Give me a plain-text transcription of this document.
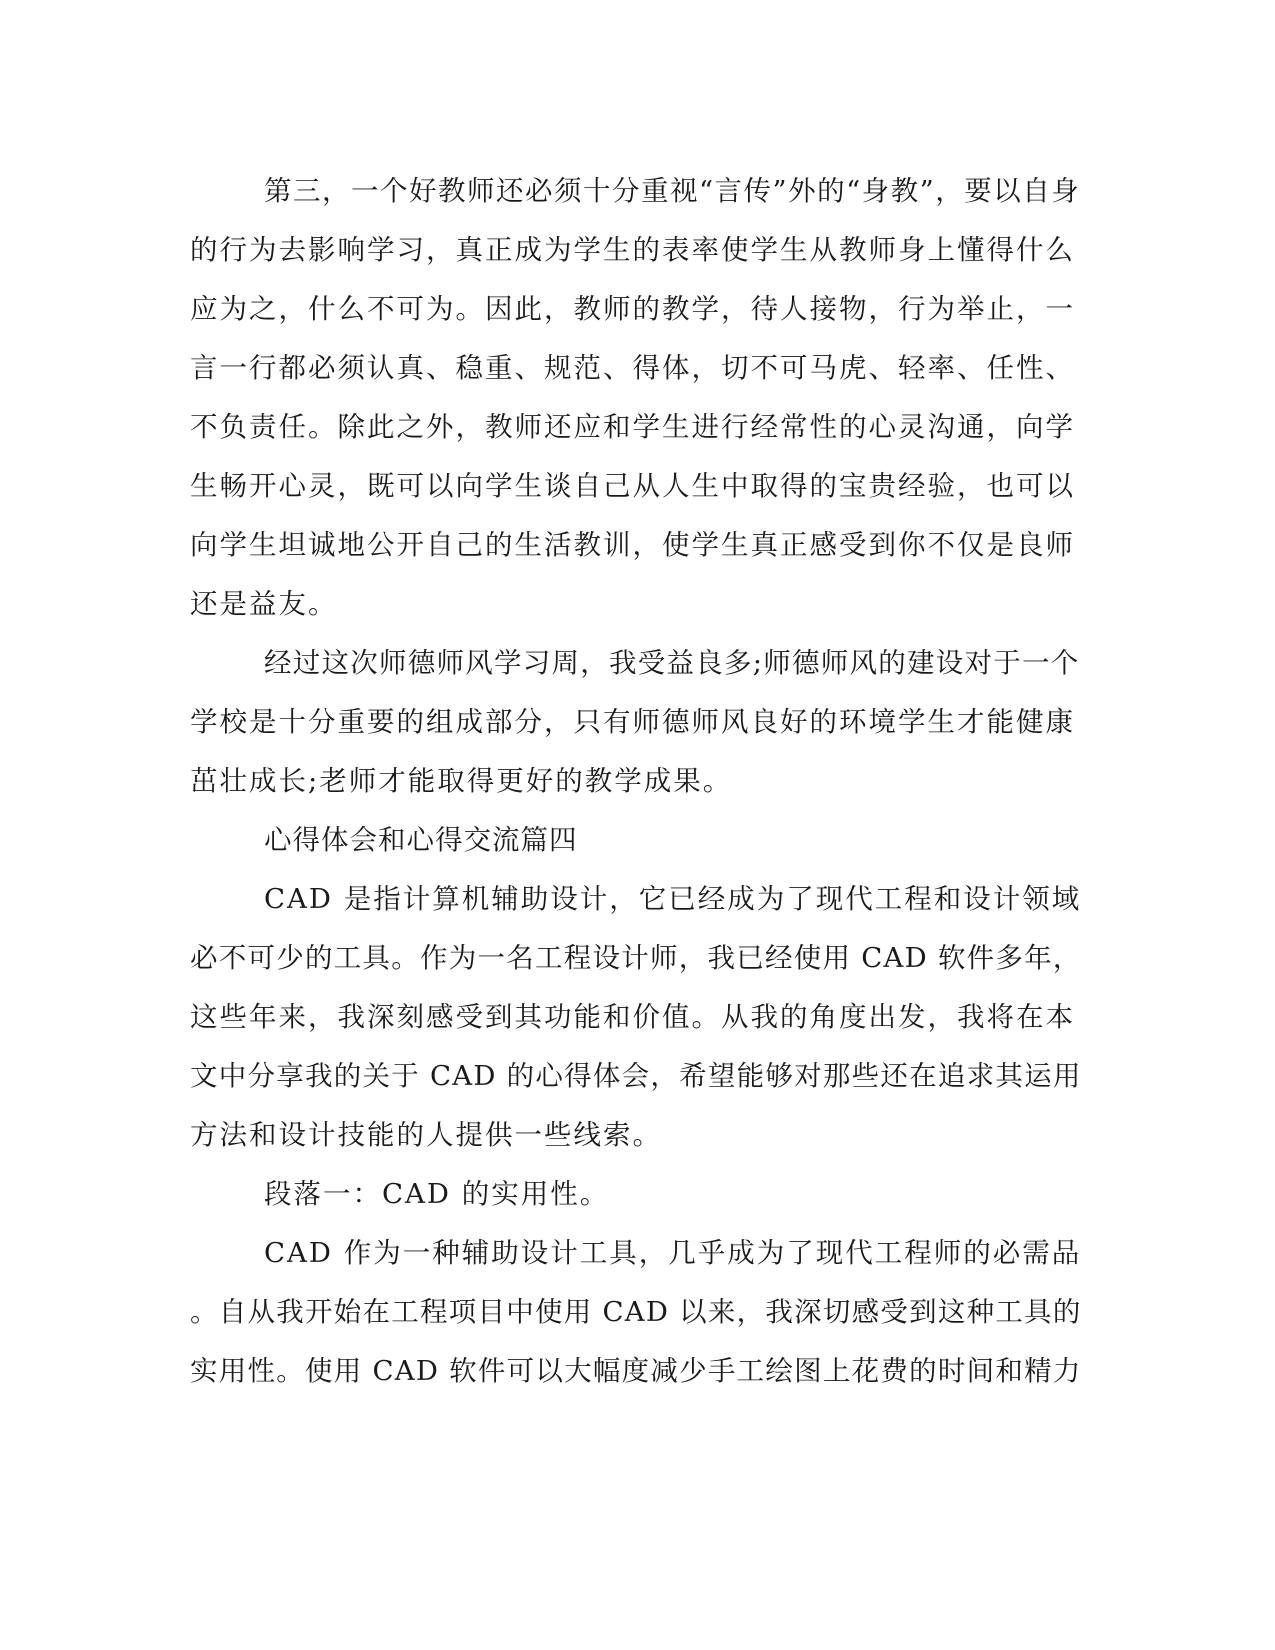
第三，一个好教师还必须十分重视“言传”外的“身教”，要以自身
的行为去影响学习，真正成为学生的表率使学生从教师身上懂得什么
应为之，什么不可为。因此，教师的教学，待人接物，行为举止，一
言一行都必须认真、稳重、规范、得体，切不可马虎、轻率、任性、
不负责任。除此之外，教师还应和学生进行经常性的心灵沟通，向学
生畅开心灵，既可以向学生谈自己从人生中取得的宝贵经验，也可以
向学生坦诚地公开自己的生活教训，使学生真正感受到你不仅是良师
还是益友。
经过这次师德师风学习周，我受益良多;师德师风的建设对于一个
学校是十分重要的组成部分，只有师德师风良好的环境学生才能健康
茁壮成长;老师才能取得更好的教学成果。
心得体会和心得交流篇四
CAD 是指计算机辅助设计，它已经成为了现代工程和设计领域
必不可少的工具。作为一名工程设计师，我已经使用 CAD 软件多年，
这些年来，我深刻感受到其功能和价值。从我的角度出发，我将在本
文中分享我的关于 CAD 的心得体会，希望能够对那些还在追求其运用
方法和设计技能的人提供一些线索。
段落一：CAD 的实用性。
CAD 作为一种辅助设计工具，几乎成为了现代工程师的必需品
。自从我开始在工程项目中使用 CAD 以来，我深切感受到这种工具的
实用性。使用 CAD 软件可以大幅度减少手工绘图上花费的时间和精力
